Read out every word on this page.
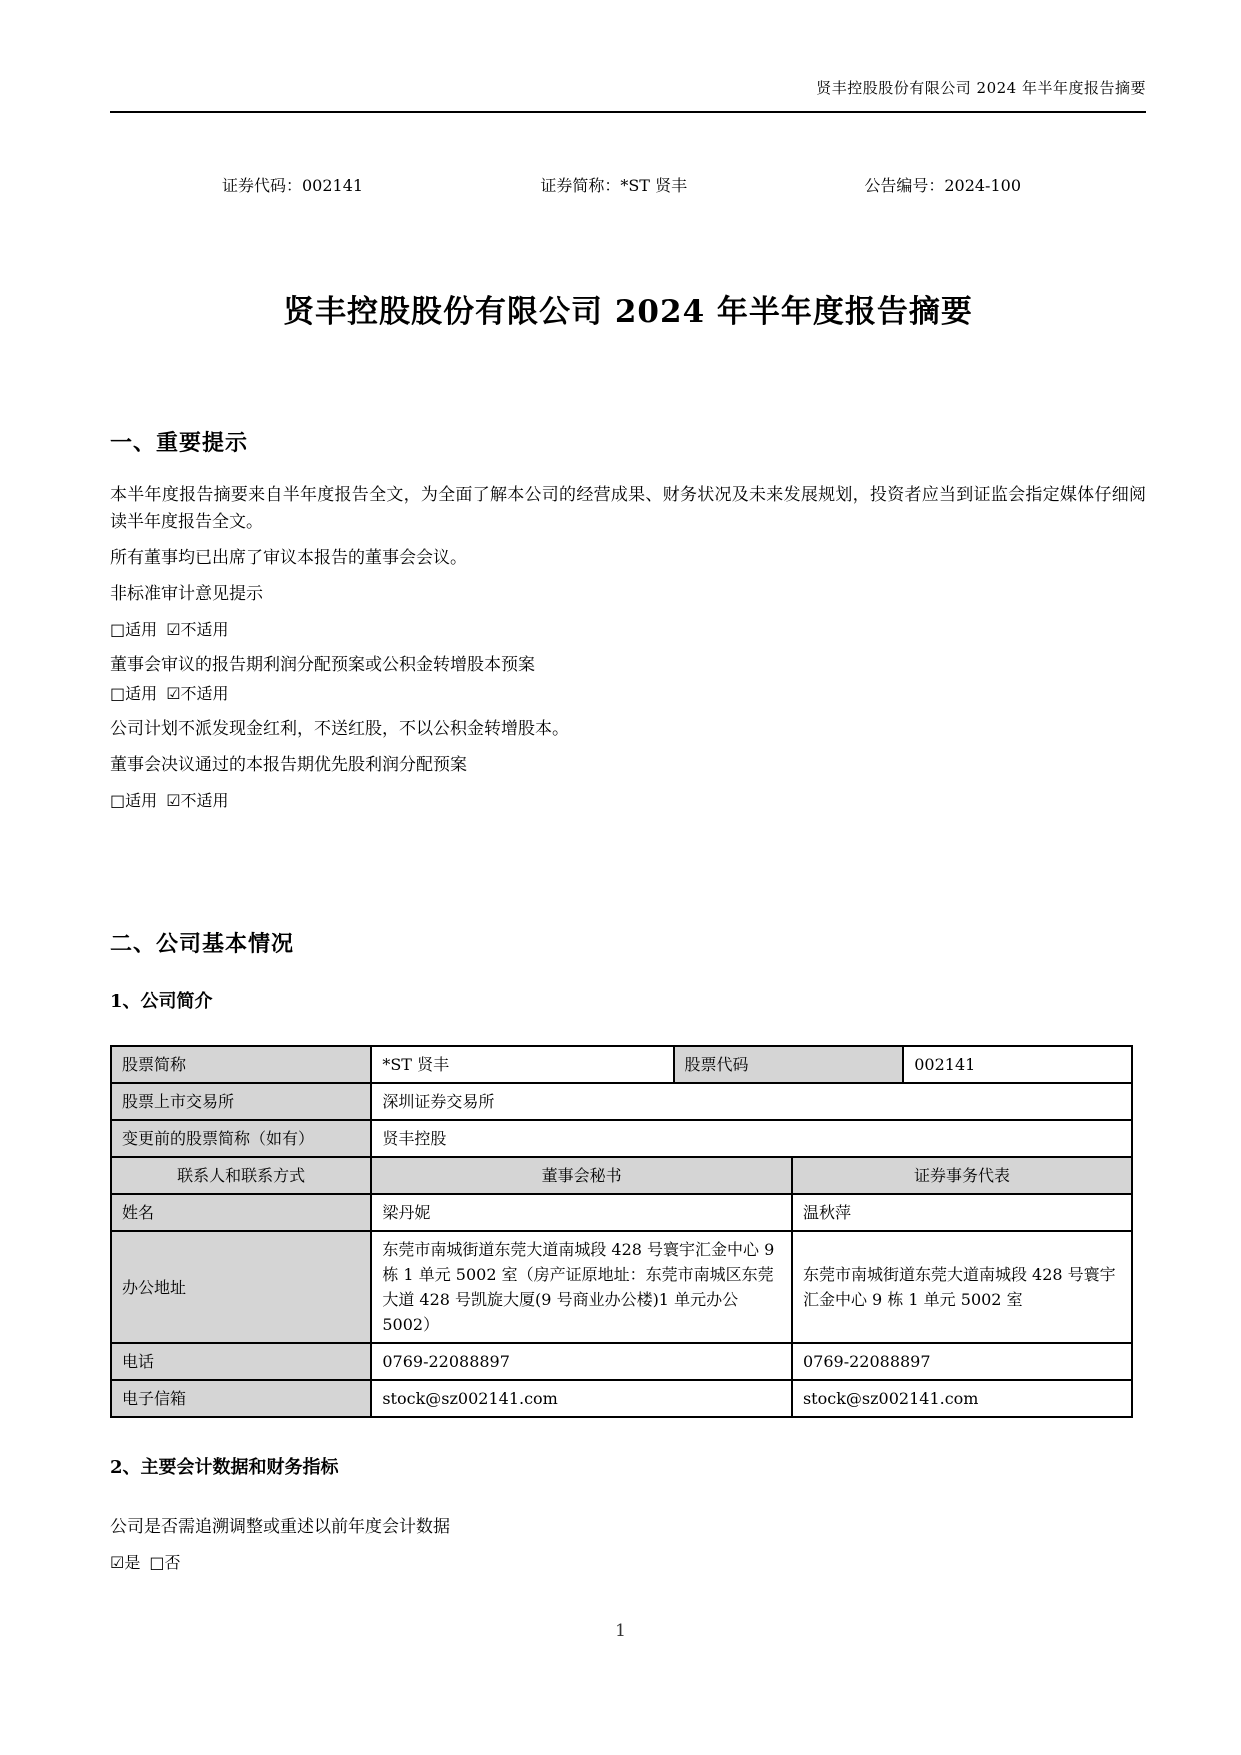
贤丰控股股份有限公司 2024 年半年度报告摘要
证券代码：002141	证券简称：*ST 贤丰	公告编号：2024-100
贤丰控股股份有限公司 2024 年半年度报告摘要
一、重要提示

本半年度报告摘要来自半年度报告全文，为全面了解本公司的经营成果、财务状况及未来发展规划，投资者应当到证监会指定媒体仔细阅读半年度报告全文。

所有董事均已出席了审议本报告的董事会会议。

非标准审计意见提示

□适用 ☑不适用

董事会审议的报告期利润分配预案或公积金转增股本预案

□适用 ☑不适用

公司计划不派发现金红利，不送红股，不以公积金转增股本。

董事会决议通过的本报告期优先股利润分配预案

□适用 ☑不适用

二、公司基本情况
1、公司简介
股票简称	*ST 贤丰	股票代码		002141
股票上市交易所	深圳证券交易所			
变更前的股票简称（如有）	贤丰控股			
联系人和联系方式	董事会秘书		证券事务代表	
姓名	梁丹妮		温秋萍	
办公地址	东莞市南城街道东莞大道南城段 428 号寰宇汇金中心 9 栋 1 单元 5002 室（房产证原地址：东莞市南城区东莞大道 428 号凯旋大厦(9 号商业办公楼)1 单元办公 5002）		东莞市南城街道东莞大道南城段 428 号寰宇汇金中心 9 栋 1 单元 5002 室	
电话	0769-22088897		0769-22088897	
电子信箱	stock@sz002141.com		stock@sz002141.com	
2、主要会计数据和财务指标

公司是否需追溯调整或重述以前年度会计数据

☑是 □否

1
